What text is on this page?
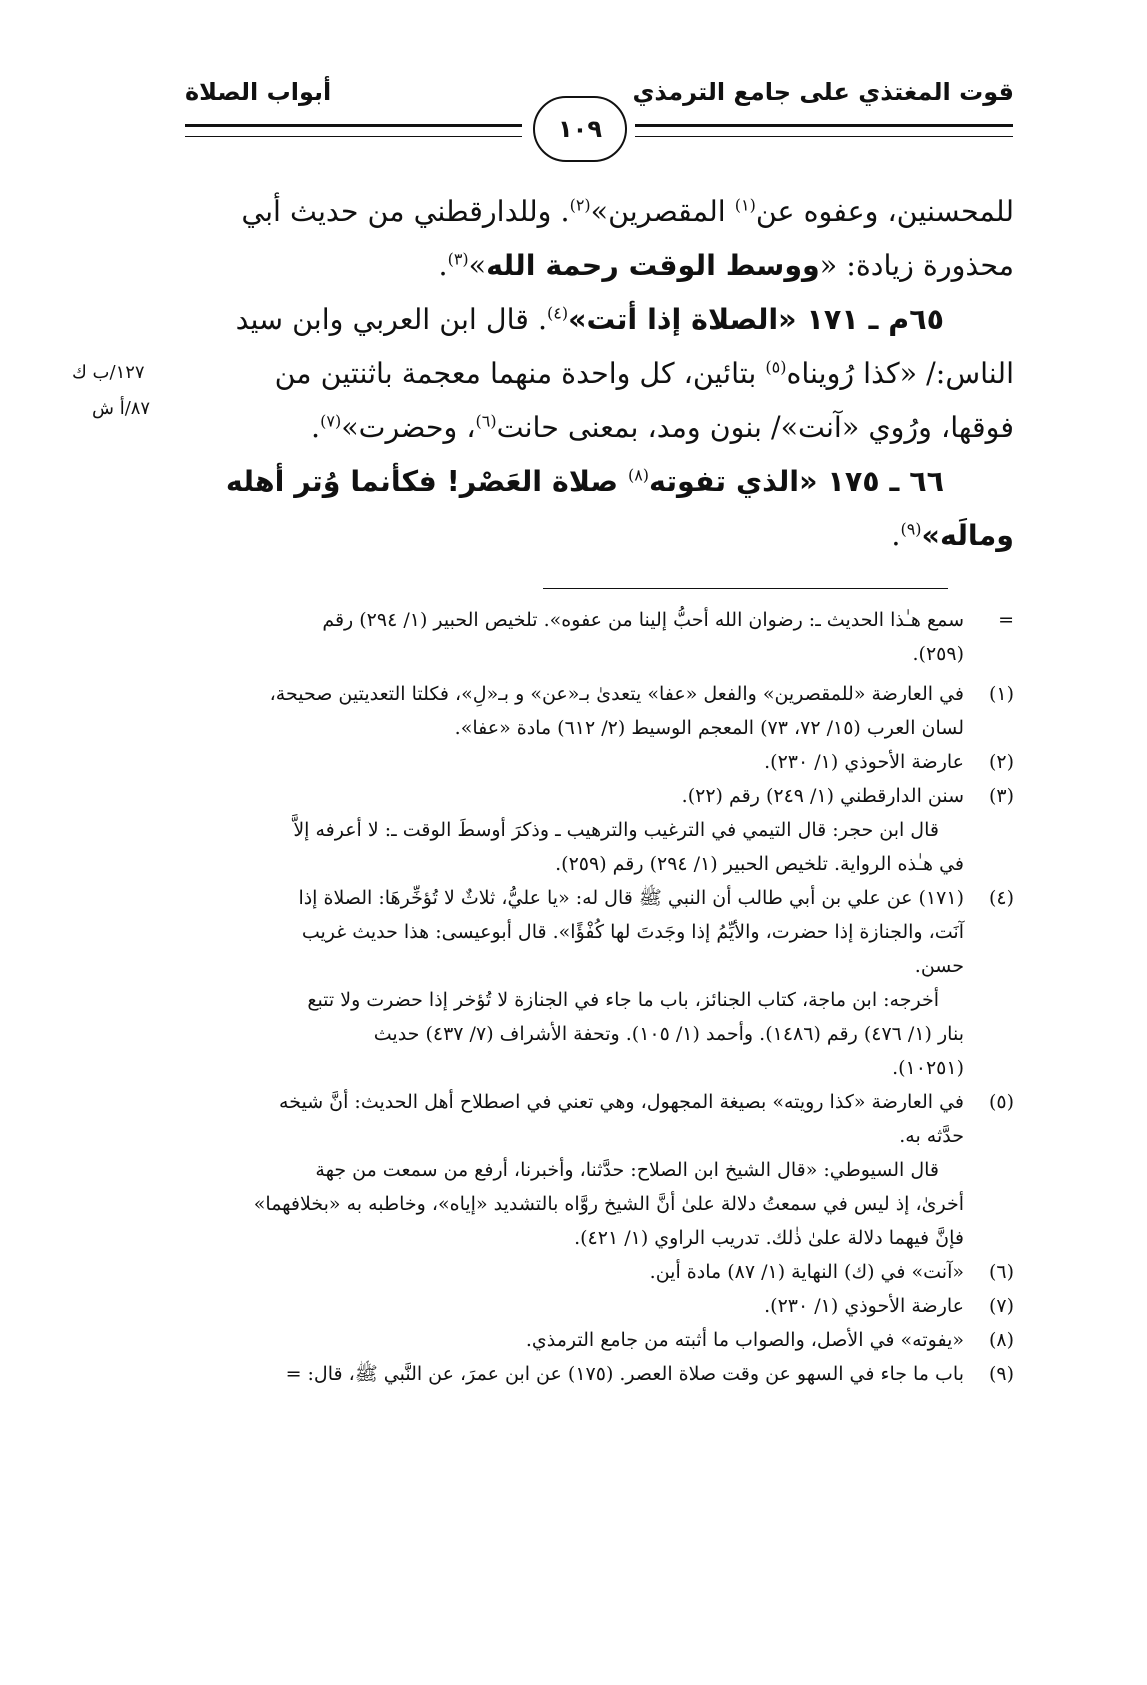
قوت المغتذي على جامع الترمذي
أبواب الصلاة
١٠٩

للمحسنين، وعفوه عن$^{(١)}$ المقصرين»$^{(٢)}$. وللدارقطني من حديث أبي

محذورة زيادة: «ووسط الوقت رحمة الله»$^{(٣)}$.

٦٥م ـ ١٧١ «الصلاة إذا أتت»$^{(٤)}$. قال ابن العربي وابن سيد

الناس:/ «كذا رُويناه$^{(٥)}$ بتائين، كل واحدة منهما معجمة باثنتين من

فوقها، ورُوي «آنت»/ بنون ومد، بمعنى حانت$^{(٦)}$، وحضرت»$^{(٧)}$.

٦٦ ـ ١٧٥ «الذي تفوته$^{(٨)}$ صلاة العَصْر! فكأنما وُتر أهله

ومالَه»$^{(٩)}$.

١٢٧/ب ك
٨٧/أ ش
=
سمع هـٰذا الحديث ـ: رضوان الله أحبُّ إلينا من عفوه». تلخيص الحبير (١/ ٢٩٤) رقم
(٢٥٩).
(١)
في العارضة «للمقصرين» والفعل «عفا» يتعدىٰ بـ«عن» و بـ«لِ»، فكلتا التعديتين صحيحة،
لسان العرب (١٥/ ٧٢، ٧٣) المعجم الوسيط (٢/ ٦١٢) مادة «عفا».
(٢)
عارضة الأحوذي (١/ ٢٣٠).
(٣)
سنن الدارقطني (١/ ٢٤٩) رقم (٢٢).
قال ابن حجر: قال التيمي في الترغيب والترهيب ـ وذكرَ أوسطَ الوقت ـ: لا أعرفه إلاَّ
في هـٰذه الرواية. تلخيص الحبير (١/ ٢٩٤) رقم (٢٥٩).
(٤)
(١٧١) عن علي بن أبي طالب أن النبي ﷺ قال له: «يا عليُّ، ثلاثٌ لا تُؤخِّرهَا: الصلاة إذا
آنَت، والجنازة إذا حضرت، والأيِّمُ إذا وجَدتَ لها كُفْؤًا». قال أبوعيسى: هذا حديث غريب
حسن.
أخرجه: ابن ماجة، كتاب الجنائز، باب ما جاء في الجنازة لا تُؤخر إذا حضرت ولا تتبع
بنار (١/ ٤٧٦) رقم (١٤٨٦). وأحمد (١/ ١٠٥). وتحفة الأشراف (٧/ ٤٣٧) حديث
(١٠٢٥١).
(٥)
في العارضة «كذا رويته» بصيغة المجهول، وهي تعني في اصطلاح أهل الحديث: أنَّ شيخه
حدَّثه به.
قال السيوطي: «قال الشيخ ابن الصلاح: حدَّثنا، وأخبرنا، أرفع من سمعت من جهة
أخرىٰ، إذ ليس في سمعتُ دلالة علىٰ أنَّ الشيخ روَّاه بالتشديد «إياه»، وخاطبه به «بخلافهما»
فإنَّ فيهما دلالة علىٰ ذٰلك. تدريب الراوي (١/ ٤٢١).
(٦)
«آنت» في (ك) النهاية (١/ ٨٧) مادة أين.
(٧)
عارضة الأحوذي (١/ ٢٣٠).
(٨)
«يفوته» في الأصل، والصواب ما أثبته من جامع الترمذي.
(٩)
باب ما جاء في السهو عن وقت صلاة العصر. (١٧٥) عن ابن عمرَ، عن النَّبي ﷺ، قال: =
